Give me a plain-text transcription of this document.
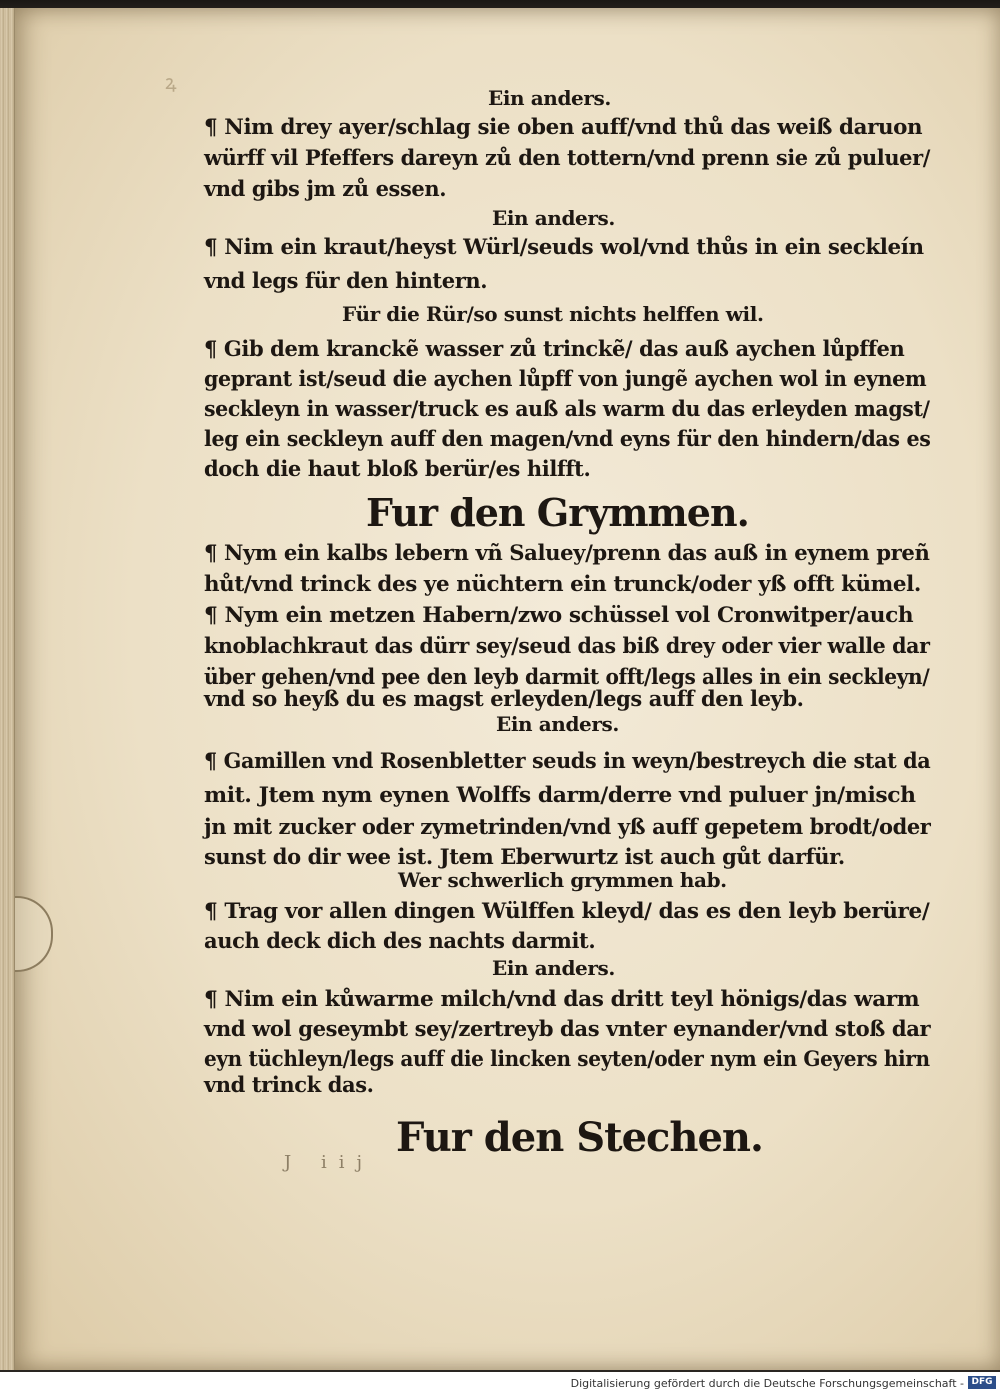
ꝝ
Ein anders.
¶ Nim drey ayer/schlag sie oben auff/vnd thů das weiß daruon
würff vil Pfeffers dareyn zů den tottern/vnd prenn sie zů puluer/
vnd gibs jm zů essen.
Ein anders.
¶ Nim ein kraut/heyst Würl/seuds wol/vnd thůs in ein seckleín
vnd legs für den hintern.
Für die Rür/so sunst nichts helffen wil.
¶ Gib dem kranckẽ wasser zů trinckẽ/ das auß aychen lůpffen
geprant ist/seud die aychen lůpff von jungẽ aychen wol in eynem
seckleyn in wasser/truck es auß als warm du das erleyden magst/
leg ein seckleyn auff den magen/vnd eyns für den hindern/das es
doch die haut bloß berür/es hilfft.
Fur den Grymmen.
¶ Nym ein kalbs lebern vñ Saluey/prenn das auß in eynem preñ
hůt/vnd trinck des ye nüchtern ein trunck/oder yß offt kümel.
¶ Nym ein metzen Habern/zwo schüssel vol Cronwitper/auch
knoblachkraut das dürr sey/seud das biß drey oder vier walle dar
über gehen/vnd pee den leyb darmit offt/legs alles in ein seckleyn/
vnd so heyß du es magst erleyden/legs auff den leyb.
Ein anders.
¶ Gamillen vnd Rosenbletter seuds in weyn/bestreych die stat da
mit. Jtem nym eynen Wolffs darm/derre vnd puluer jn/misch
jn mit zucker oder zymetrinden/vnd yß auff gepetem brodt/oder
sunst do dir wee ist. Jtem Eberwurtz ist auch gůt darfür.
Wer schwerlich grymmen hab.
¶ Trag vor allen dingen Wülffen kleyd/ das es den leyb berüre/
auch deck dich des nachts darmit.
Ein anders.
¶ Nim ein kůwarme milch/vnd das dritt teyl hönigs/das warm
vnd wol geseymbt sey/zertreyb das vnter eynander/vnd stoß dar
eyn tüchleyn/legs auff die lincken seyten/oder nym ein Geyers hirn
vnd trinck das.
Fur den Stechen.
J iij
Digitalisierung gefördert durch die Deutsche Forschungsgemeinschaft - DFG
